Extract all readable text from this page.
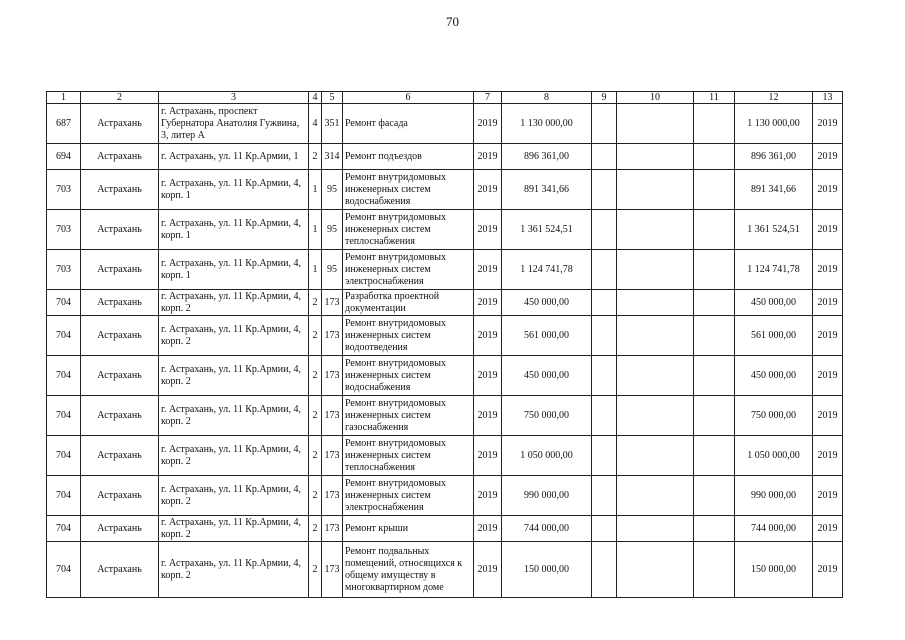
70
1	2	3	4	5	6	7	8	9	10	11	12	13
687	Астрахань	г. Астрахань, проспект Губернатора Анатолия Гужвина, 3, литер А	4	351	Ремонт фасада	2019	1 130 000,00				1 130 000,00	2019
694	Астрахань	г. Астрахань, ул. 11 Кр.Армии, 1	2	314	Ремонт подъездов	2019	896 361,00				896 361,00	2019
703	Астрахань	г. Астрахань, ул. 11 Кр.Армии, 4, корп. 1	1	95	Ремонт внутридомовых инженерных систем водоснабжения	2019	891 341,66				891 341,66	2019
703	Астрахань	г. Астрахань, ул. 11 Кр.Армии, 4, корп. 1	1	95	Ремонт внутридомовых инженерных систем теплоснабжения	2019	1 361 524,51				1 361 524,51	2019
703	Астрахань	г. Астрахань, ул. 11 Кр.Армии, 4, корп. 1	1	95	Ремонт внутридомовых инженерных систем электроснабжения	2019	1 124 741,78				1 124 741,78	2019
704	Астрахань	г. Астрахань, ул. 11 Кр.Армии, 4, корп. 2	2	173	Разработка проектной документации	2019	450 000,00				450 000,00	2019
704	Астрахань	г. Астрахань, ул. 11 Кр.Армии, 4, корп. 2	2	173	Ремонт внутридомовых инженерных систем водоотведения	2019	561 000,00				561 000,00	2019
704	Астрахань	г. Астрахань, ул. 11 Кр.Армии, 4, корп. 2	2	173	Ремонт внутридомовых инженерных систем водоснабжения	2019	450 000,00				450 000,00	2019
704	Астрахань	г. Астрахань, ул. 11 Кр.Армии, 4, корп. 2	2	173	Ремонт внутридомовых инженерных систем газоснабжения	2019	750 000,00				750 000,00	2019
704	Астрахань	г. Астрахань, ул. 11 Кр.Армии, 4, корп. 2	2	173	Ремонт внутридомовых инженерных систем теплоснабжения	2019	1 050 000,00				1 050 000,00	2019
704	Астрахань	г. Астрахань, ул. 11 Кр.Армии, 4, корп. 2	2	173	Ремонт внутридомовых инженерных систем электроснабжения	2019	990 000,00				990 000,00	2019
704	Астрахань	г. Астрахань, ул. 11 Кр.Армии, 4, корп. 2	2	173	Ремонт крыши	2019	744 000,00				744 000,00	2019
704	Астрахань	г. Астрахань, ул. 11 Кр.Армии, 4, корп. 2	2	173	Ремонт подвальных помещений, относящихся к общему имуществу в многоквартирном доме	2019	150 000,00				150 000,00	2019
